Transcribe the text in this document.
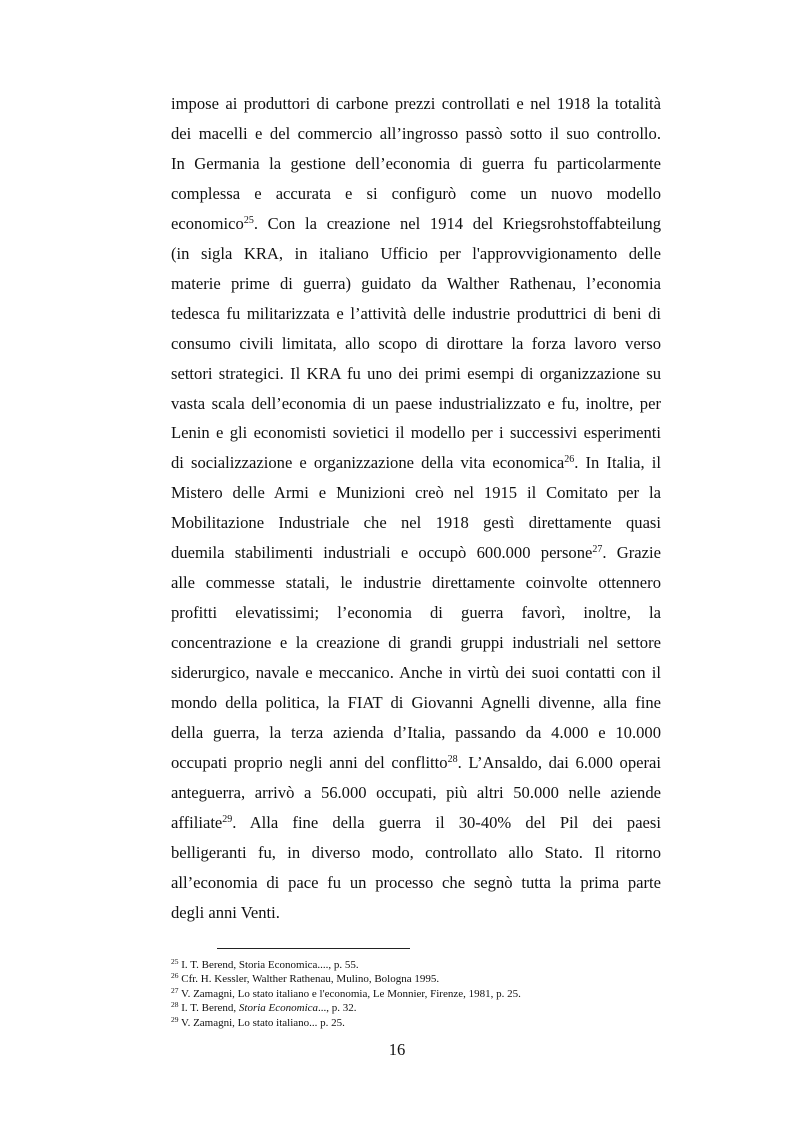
impose ai produttori di carbone prezzi controllati e nel 1918 la totalità
dei macelli e del commercio all’ingrosso passò sotto il suo controllo.
In Germania la gestione dell’economia di guerra fu particolarmente
complessa e accurata e si configurò come un nuovo modello
economico$^{25}$. Con la creazione nel 1914 del Kriegsrohstoffabteilung
(in sigla KRA, in italiano Ufficio per l'approvvigionamento delle
materie prime di guerra) guidato da Walther Rathenau, l’economia
tedesca fu militarizzata e l’attività delle industrie produttrici di beni di
consumo civili limitata, allo scopo di dirottare la forza lavoro verso
settori strategici. Il KRA fu uno dei primi esempi di organizzazione su
vasta scala dell’economia di un paese industrializzato e fu, inoltre, per
Lenin e gli economisti sovietici il modello per i successivi esperimenti
di socializzazione e organizzazione della vita economica$^{26}$. In Italia, il
Mistero delle Armi e Munizioni creò nel 1915 il Comitato per la
Mobilitazione Industriale che nel 1918 gestì direttamente quasi
duemila stabilimenti industriali e occupò 600.000 persone$^{27}$. Grazie
alle commesse statali, le industrie direttamente coinvolte ottennero
profitti elevatissimi; l’economia di guerra favorì, inoltre, la
concentrazione e la creazione di grandi gruppi industriali nel settore
siderurgico, navale e meccanico. Anche in virtù dei suoi contatti con il
mondo della politica, la FIAT di Giovanni Agnelli divenne, alla fine
della guerra, la terza azienda d’Italia, passando da 4.000 e 10.000
occupati proprio negli anni del conflitto$^{28}$. L’Ansaldo, dai 6.000 operai
anteguerra, arrivò a 56.000 occupati, più altri 50.000 nelle aziende
affiliate$^{29}$. Alla fine della guerra il 30-40% del Pil dei paesi
belligeranti fu, in diverso modo, controllato allo Stato. Il ritorno
all’economia di pace fu un processo che segnò tutta la prima parte
degli anni Venti.
$^{25}$ I. T. Berend, Storia Economica...., p. 55.
$^{26}$ Cfr. H. Kessler, Walther Rathenau, Mulino, Bologna 1995.
$^{27}$ V. Zamagni, Lo stato italiano e l'economia, Le Monnier, Firenze, 1981, p. 25.
$^{28}$ I. T. Berend, Storia Economica..., p. 32.
$^{29}$ V. Zamagni, Lo stato italiano... p. 25.
16
